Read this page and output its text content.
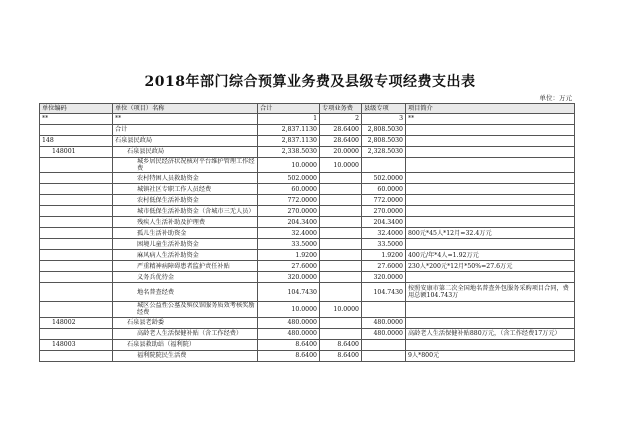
2018年部门综合预算业务费及县级专项经费支出表
单位：万元
单位编码	单位（项目）名称	合计	专项业务费	县级专项	项目简介
**	**	1	2	3	**
	合计	2,837.1130	28.6400	2,808.5030	
148	石泉县民政局	2,837.1130	28.6400	2,808.5030	
148001	石泉县民政局	2,338.5030	20.0000	2,328.5030	
	城乡居民经济状况核对平台维护管理工作经费	10.0000	10.0000		
	农村特困人员救助资金	502.0000		502.0000	
	城镇社区专职工作人员经费	60.0000		60.0000	
	农村低保生活补助资金	772.0000		772.0000	
	城市低保生活补助资金（含城市三无人员）	270.0000		270.0000	
	残疾人生活补助及护理费	204.3400		204.3400	
	孤儿生活补助资金	32.4000		32.4000	800元*45人*12月=32.4万元
	困境儿童生活补助资金	33.5000		33.5000	
	麻风病人生活补助资金	1.9200		1.9200	400元/年*4人=1.92万元
	严重精神病障碍患者监护责任补贴	27.6000		27.6000	230人*200元*12月*50%=27.6万元
	义务兵优待金	320.0000		320.0000	
	地名普查经费	104.7430		104.7430	按照安康市第二次全国地名普查外包服务采购项目合同，费用总额104.743万
	城区公益性公墓及殡仪馆服务质效考核奖励经费	10.0000	10.0000		
148002	石泉县老龄委	480.0000		480.0000	
	高龄老人生活保健补贴（含工作经费）	480.0000		480.0000	高龄老人生活保健补贴880万元，（含工作经费17万元）
148003	石泉县救助站（福利院）	8.6400	8.6400		
	福利院院民生活费	8.6400	8.6400		9人*800元
